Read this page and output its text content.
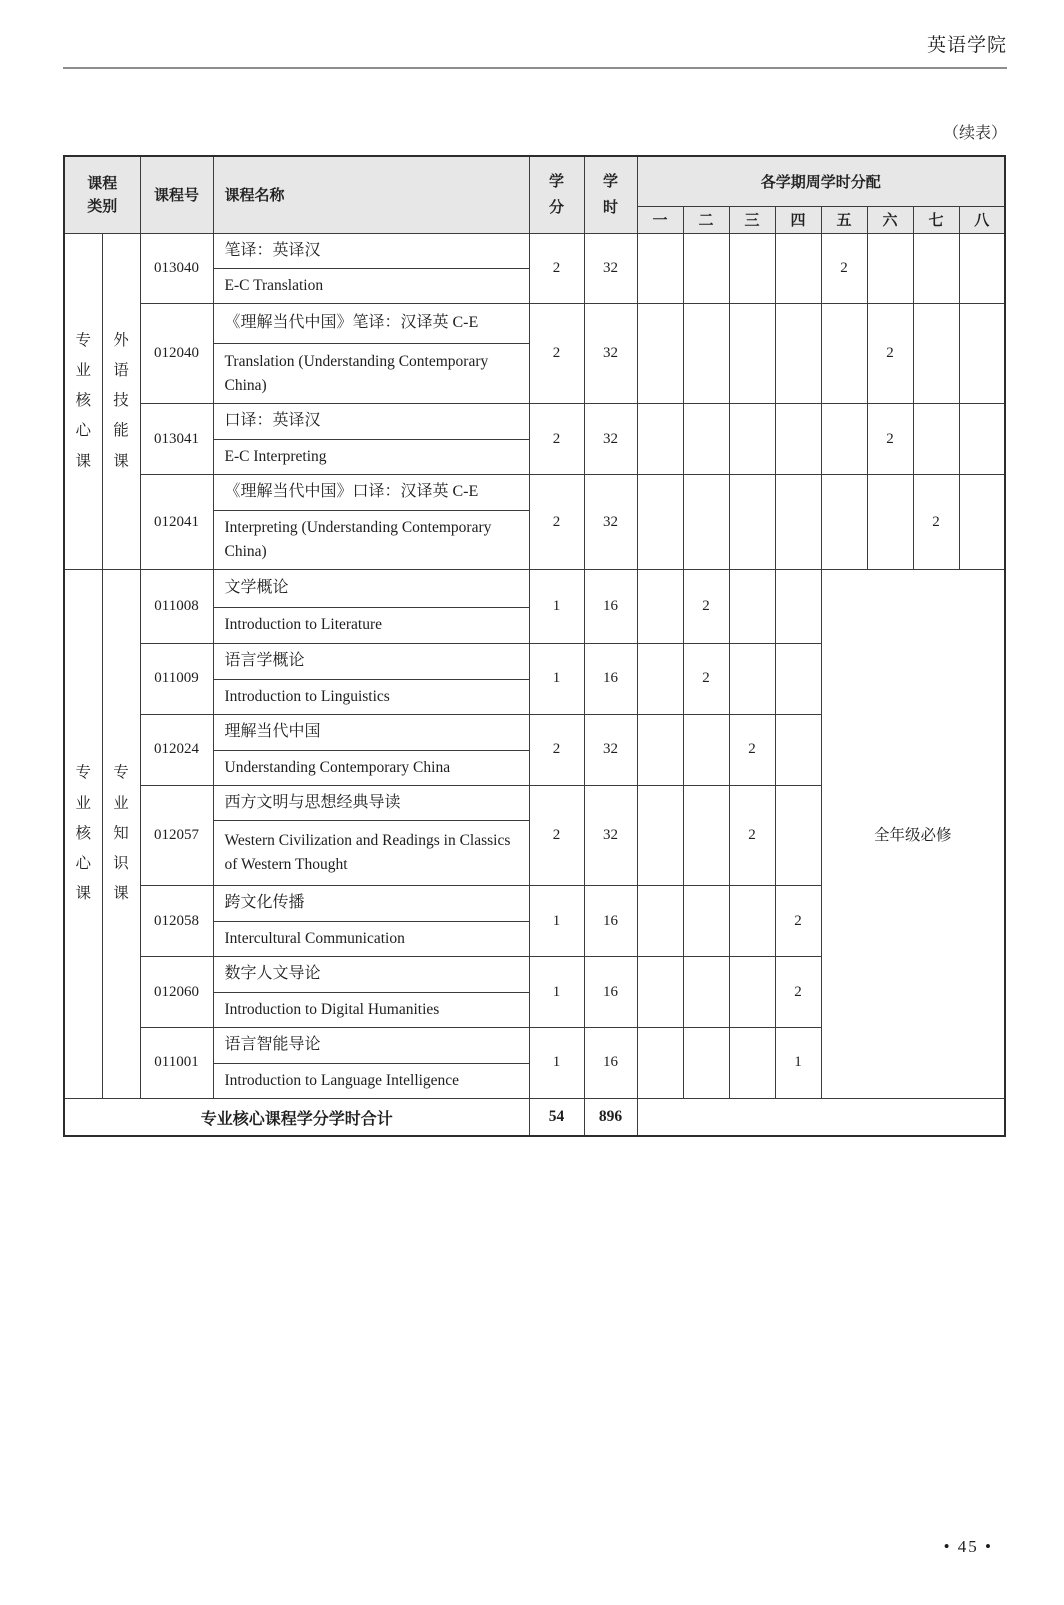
英语学院
（续表）
课程类别		课程号	课程名称	学分	学时	各学期周学时分配							
						一	二	三	四	五	六	七	八
专业核心课	外语技能课	013040	笔译：英译汉	2	32					2			
			E-C Translation										
		012040	《理解当代中国》笔译：汉译英 C-E	2	32						2		
			Translation (Understanding Contemporary China)										
		013041	口译：英译汉	2	32						2		
			E-C Interpreting										
		012041	《理解当代中国》口译：汉译英 C-E	2	32							2	
			Interpreting (Understanding Contemporary China)										
专业核心课	专业知识课	011008	文学概论	1	16		2			全年级必修			
			Introduction to Literature										
		011009	语言学概论	1	16		2						
			Introduction to Linguistics										
		012024	理解当代中国	2	32			2					
			Understanding Contemporary China										
		012057	西方文明与思想经典导读	2	32			2					
			Western Civilization and Readings in Classics of Western Thought										
		012058	跨文化传播	1	16				2				
			Intercultural Communication										
		012060	数字人文导论	1	16				2				
			Introduction to Digital Humanities										
		011001	语言智能导论	1	16				1				
			Introduction to Language Intelligence										
专业核心课程学分学时合计				54	896								
• 45 •
